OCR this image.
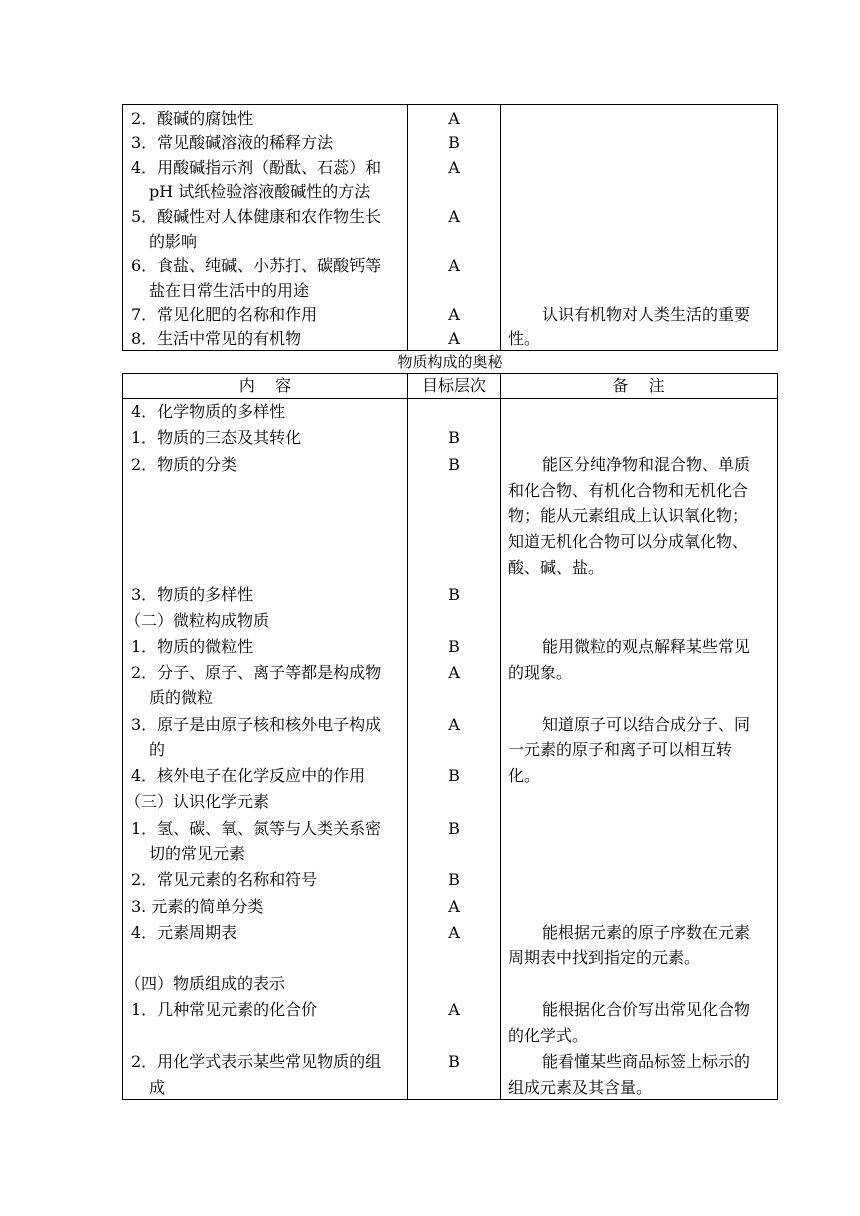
2．酸碱的腐蚀性
3．常见酸碱溶液的稀释方法
4．用酸碱指示剂（酚酞、石蕊）和
pH 试纸检验溶液酸碱性的方法
5．酸碱性对人体健康和农作物生长
的影响
6．食盐、纯碱、小苏打、碳酸钙等
盐在日常生活中的用途
7．常见化肥的名称和作用
8．生活中常见的有机物
A
B
A
A
A
A
A
认识有机物对人类生活的重要
性。
物质构成的奥秘
内    容	目标层次	备    注
4．化学物质的多样性
1．物质的三态及其转化
2．物质的分类
3．物质的多样性
（二）微粒构成物质
1．物质的微粒性
2．分子、原子、离子等都是构成物
质的微粒
3．原子是由原子核和核外电子构成
的
4．核外电子在化学反应中的作用
（三）认识化学元素
1．氢、碳、氧、氮等与人类关系密
切的常见元素
2．常见元素的名称和符号
3. 元素的简单分类
4．元素周期表
（四）物质组成的表示
1．几种常见元素的化合价
2．用化学式表示某些常见物质的组
成
B
B
B
B
A
A
B
B
B
A
A
A
B
能区分纯净物和混合物、单质
和化合物、有机化合物和无机化合
物；能从元素组成上认识氧化物；
知道无机化合物可以分成氧化物、
酸、碱、盐。
能用微粒的观点解释某些常见
的现象。
知道原子可以结合成分子、同
一元素的原子和离子可以相互转
化。
能根据元素的原子序数在元素
周期表中找到指定的元素。
能根据化合价写出常见化合物
的化学式。
能看懂某些商品标签上标示的
组成元素及其含量。
